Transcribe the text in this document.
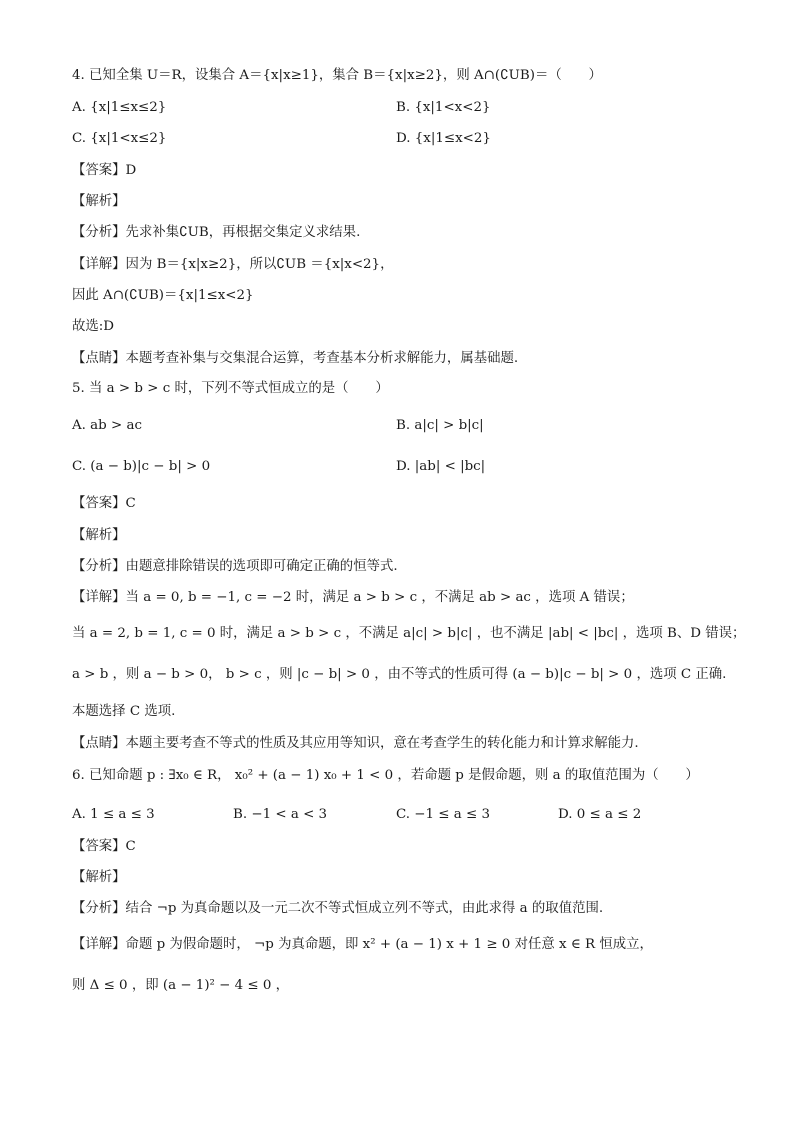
4. 已知全集 U＝R，设集合 A＝{x|x≥1}，集合 B＝{x|x≥2}，则 A∩(∁UB)＝（　　）
A. {x|1≤x≤2}	B. {x|1<x<2}
C. {x|1<x≤2}	D. {x|1≤x<2}
【答案】D
【解析】
【分析】先求补集∁UB，再根据交集定义求结果.
【详解】因为 B＝{x|x≥2}，所以∁UB ＝{x|x<2}，
因此 A∩(∁UB)＝{x|1≤x<2}
故选:D
【点睛】本题考查补集与交集混合运算，考查基本分析求解能力，属基础题.
5. 当 a > b > c 时，下列不等式恒成立的是（　　）
A. ab > ac	B. a|c| > b|c|
C. (a − b)|c − b| > 0	D. |ab| < |bc|
【答案】C
【解析】
【分析】由题意排除错误的选项即可确定正确的恒等式.
【详解】当 a = 0, b = −1, c = −2 时，满足 a > b > c ，不满足 ab > ac ，选项 A 错误；
当 a = 2, b = 1, c = 0 时，满足 a > b > c ，不满足 a|c| > b|c| ，也不满足 |ab| < |bc| ，选项 B、D 错误；
a > b ，则 a − b > 0， b > c ，则 |c − b| > 0 ，由不等式的性质可得 (a − b)|c − b| > 0 ，选项 C 正确.
本题选择 C 选项.
【点睛】本题主要考查不等式的性质及其应用等知识，意在考查学生的转化能力和计算求解能力.
6. 已知命题 p : ∃x₀ ∈ R， x₀² + (a − 1) x₀ + 1 < 0 ，若命题 p 是假命题，则 a 的取值范围为（　　）
A. 1 ≤ a ≤ 3	B. −1 < a < 3	C. −1 ≤ a ≤ 3	D. 0 ≤ a ≤ 2
【答案】C
【解析】
【分析】结合 ¬p 为真命题以及一元二次不等式恒成立列不等式，由此求得 a 的取值范围.
【详解】命题 p 为假命题时， ¬p 为真命题，即 x² + (a − 1) x + 1 ≥ 0 对任意 x ∈ R 恒成立，
则 Δ ≤ 0 ，即 (a − 1)² − 4 ≤ 0 ，
